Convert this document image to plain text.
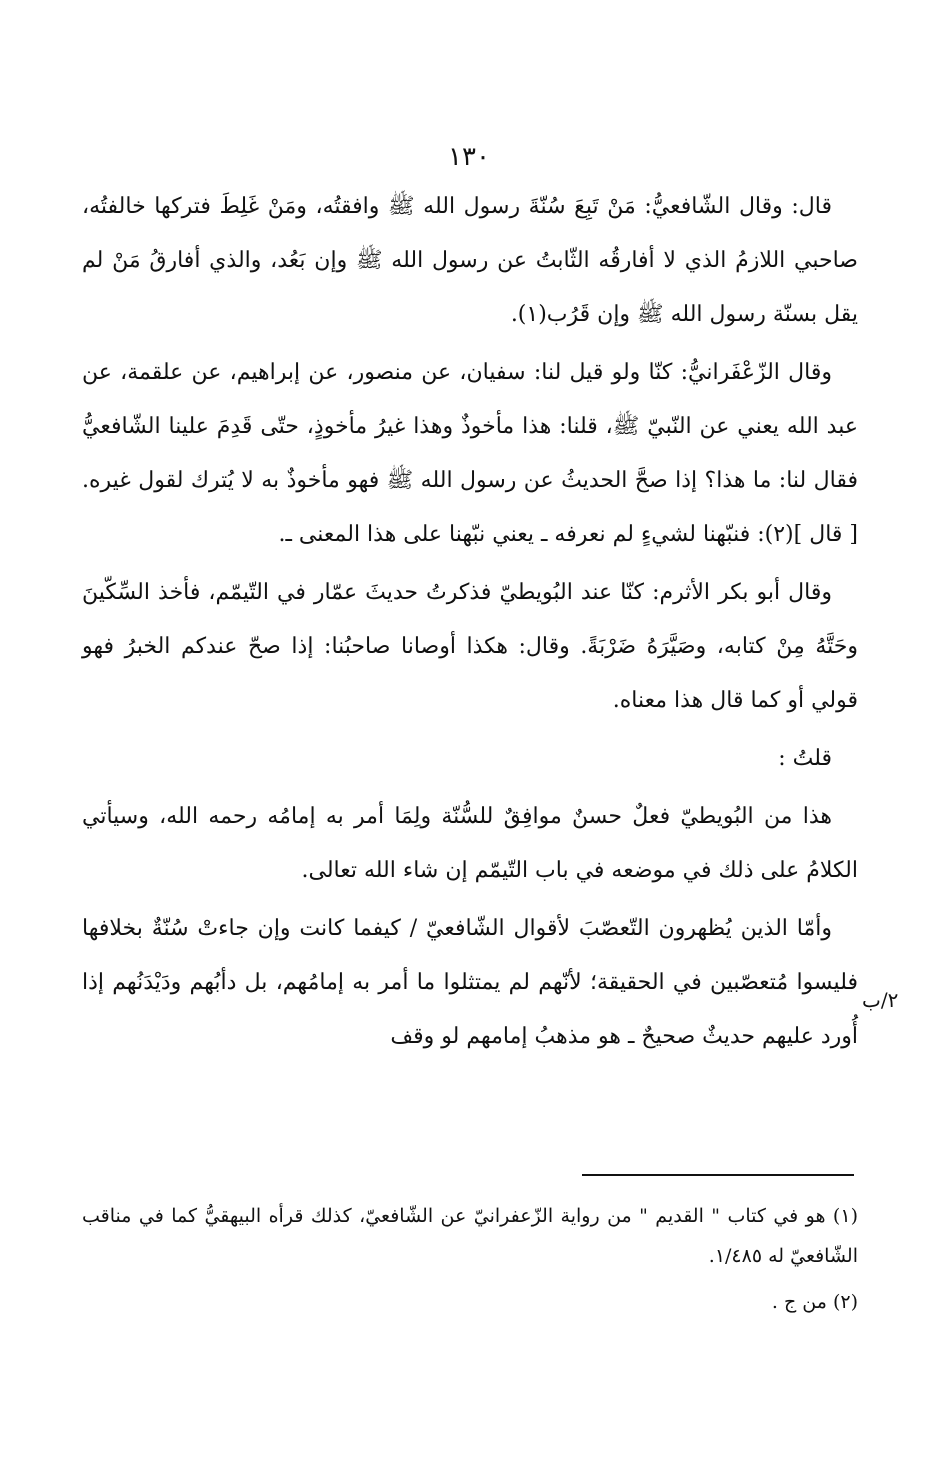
١٣٠

قال: وقال الشّافعيُّ: مَنْ تَبِعَ سُنّةَ رسول الله ﷺ وافقتُه، ومَنْ غَلِطَ فتركها خالفتُه، صاحبي اللازمُ الذي لا أفارقُه الثّابتُ عن رسول الله ﷺ وإن بَعُد، والذي أفارقُ مَنْ لم يقل بسنّة رسول الله ﷺ وإن قَرُب(١).

وقال الزّعْفَرانيُّ: كنّا ولو قيل لنا: سفيان، عن منصور، عن إبراهيم، عن علقمة، عن عبد الله يعني عن النّبيّ ﷺ، قلنا: هذا مأخوذٌ وهذا غيرُ مأخوذٍ، حتّى قَدِمَ علينا الشّافعيُّ فقال لنا: ما هذا؟ إذا صحَّ الحديثُ عن رسول الله ﷺ فهو مأخوذٌ به لا يُترك لقول غيره. [ قال ](٢): فنبّهنا لشيءٍ لم نعرفه ـ يعني نبّهنا على هذا المعنى ـ.

وقال أبو بكر الأثرم: كنّا عند البُويطيّ فذكرتُ حديثَ عمّار في التّيمّم، فأخذ السِّكّينَ وحَتَّهُ مِنْ كتابه، وصَيَّرَهُ ضَرْبَةً. وقال: هكذا أوصانا صاحبُنا: إذا صحّ عندكم الخبرُ فهو قولي أو كما قال هذا معناه.

قلتُ :

هذا من البُويطيّ فعلٌ حسنٌ موافِقٌ للسُّنّة ولِمَا أمر به إمامُه رحمه الله، وسيأتي الكلامُ على ذلك في موضعه في باب التّيمّم إن شاء الله تعالى.

وأمّا الذين يُظهرون التّعصّبَ لأقوال الشّافعيّ / كيفما كانت وإن جاءتْ سُنّةٌ بخلافها فليسوا مُتعصّبين في الحقيقة؛ لأنّهم لم يمتثلوا ما أمر به إمامُهم، بل دأبُهم ودَيْدَنُهم إذا أُورد عليهم حديثٌ صحيحٌ ـ هو مذهبُ إمامهم لو وقف

٢/ب

(١) هو في كتاب " القديم " من رواية الزّعفرانيّ عن الشّافعيّ، كذلك قرأه البيهقيُّ كما في مناقب الشّافعيّ له ١/٤٨٥.

(٢) من ج .
